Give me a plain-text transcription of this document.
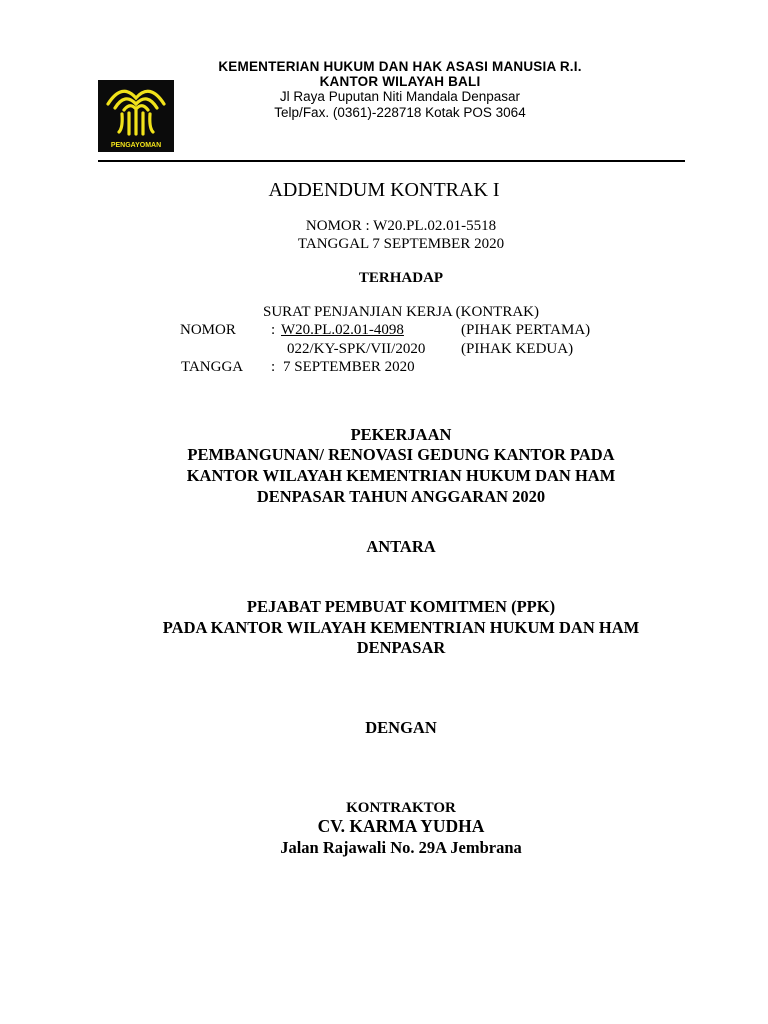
PENGAYOMAN
KEMENTERIAN HUKUM DAN HAK ASASI MANUSIA R.I.
KANTOR WILAYAH BALI
Jl Raya Puputan Niti Mandala Denpasar
Telp/Fax. (0361)-228718 Kotak POS 3064
ADDENDUM KONTRAK I
NOMOR : W20.PL.02.01-5518
TANGGAL 7 SEPTEMBER 2020
TERHADAP
SURAT PENJANJIAN KERJA (KONTRAK)
NOMOR : W20.PL.02.01-4098	(PIHAK PERTAMA)
022/KY-SPK/VII/2020 (PIHAK KEDUA)
TANGGA : 7 SEPTEMBER 2020
PEKERJAAN
PEMBANGUNAN/ RENOVASI GEDUNG KANTOR PADA
KANTOR WILAYAH KEMENTRIAN HUKUM DAN HAM
DENPASAR TAHUN ANGGARAN 2020
ANTARA
PEJABAT PEMBUAT KOMITMEN (PPK)
PADA KANTOR WILAYAH KEMENTRIAN HUKUM DAN HAM
DENPASAR
DENGAN
KONTRAKTOR
CV. KARMA YUDHA
Jalan Rajawali No. 29A Jembrana
